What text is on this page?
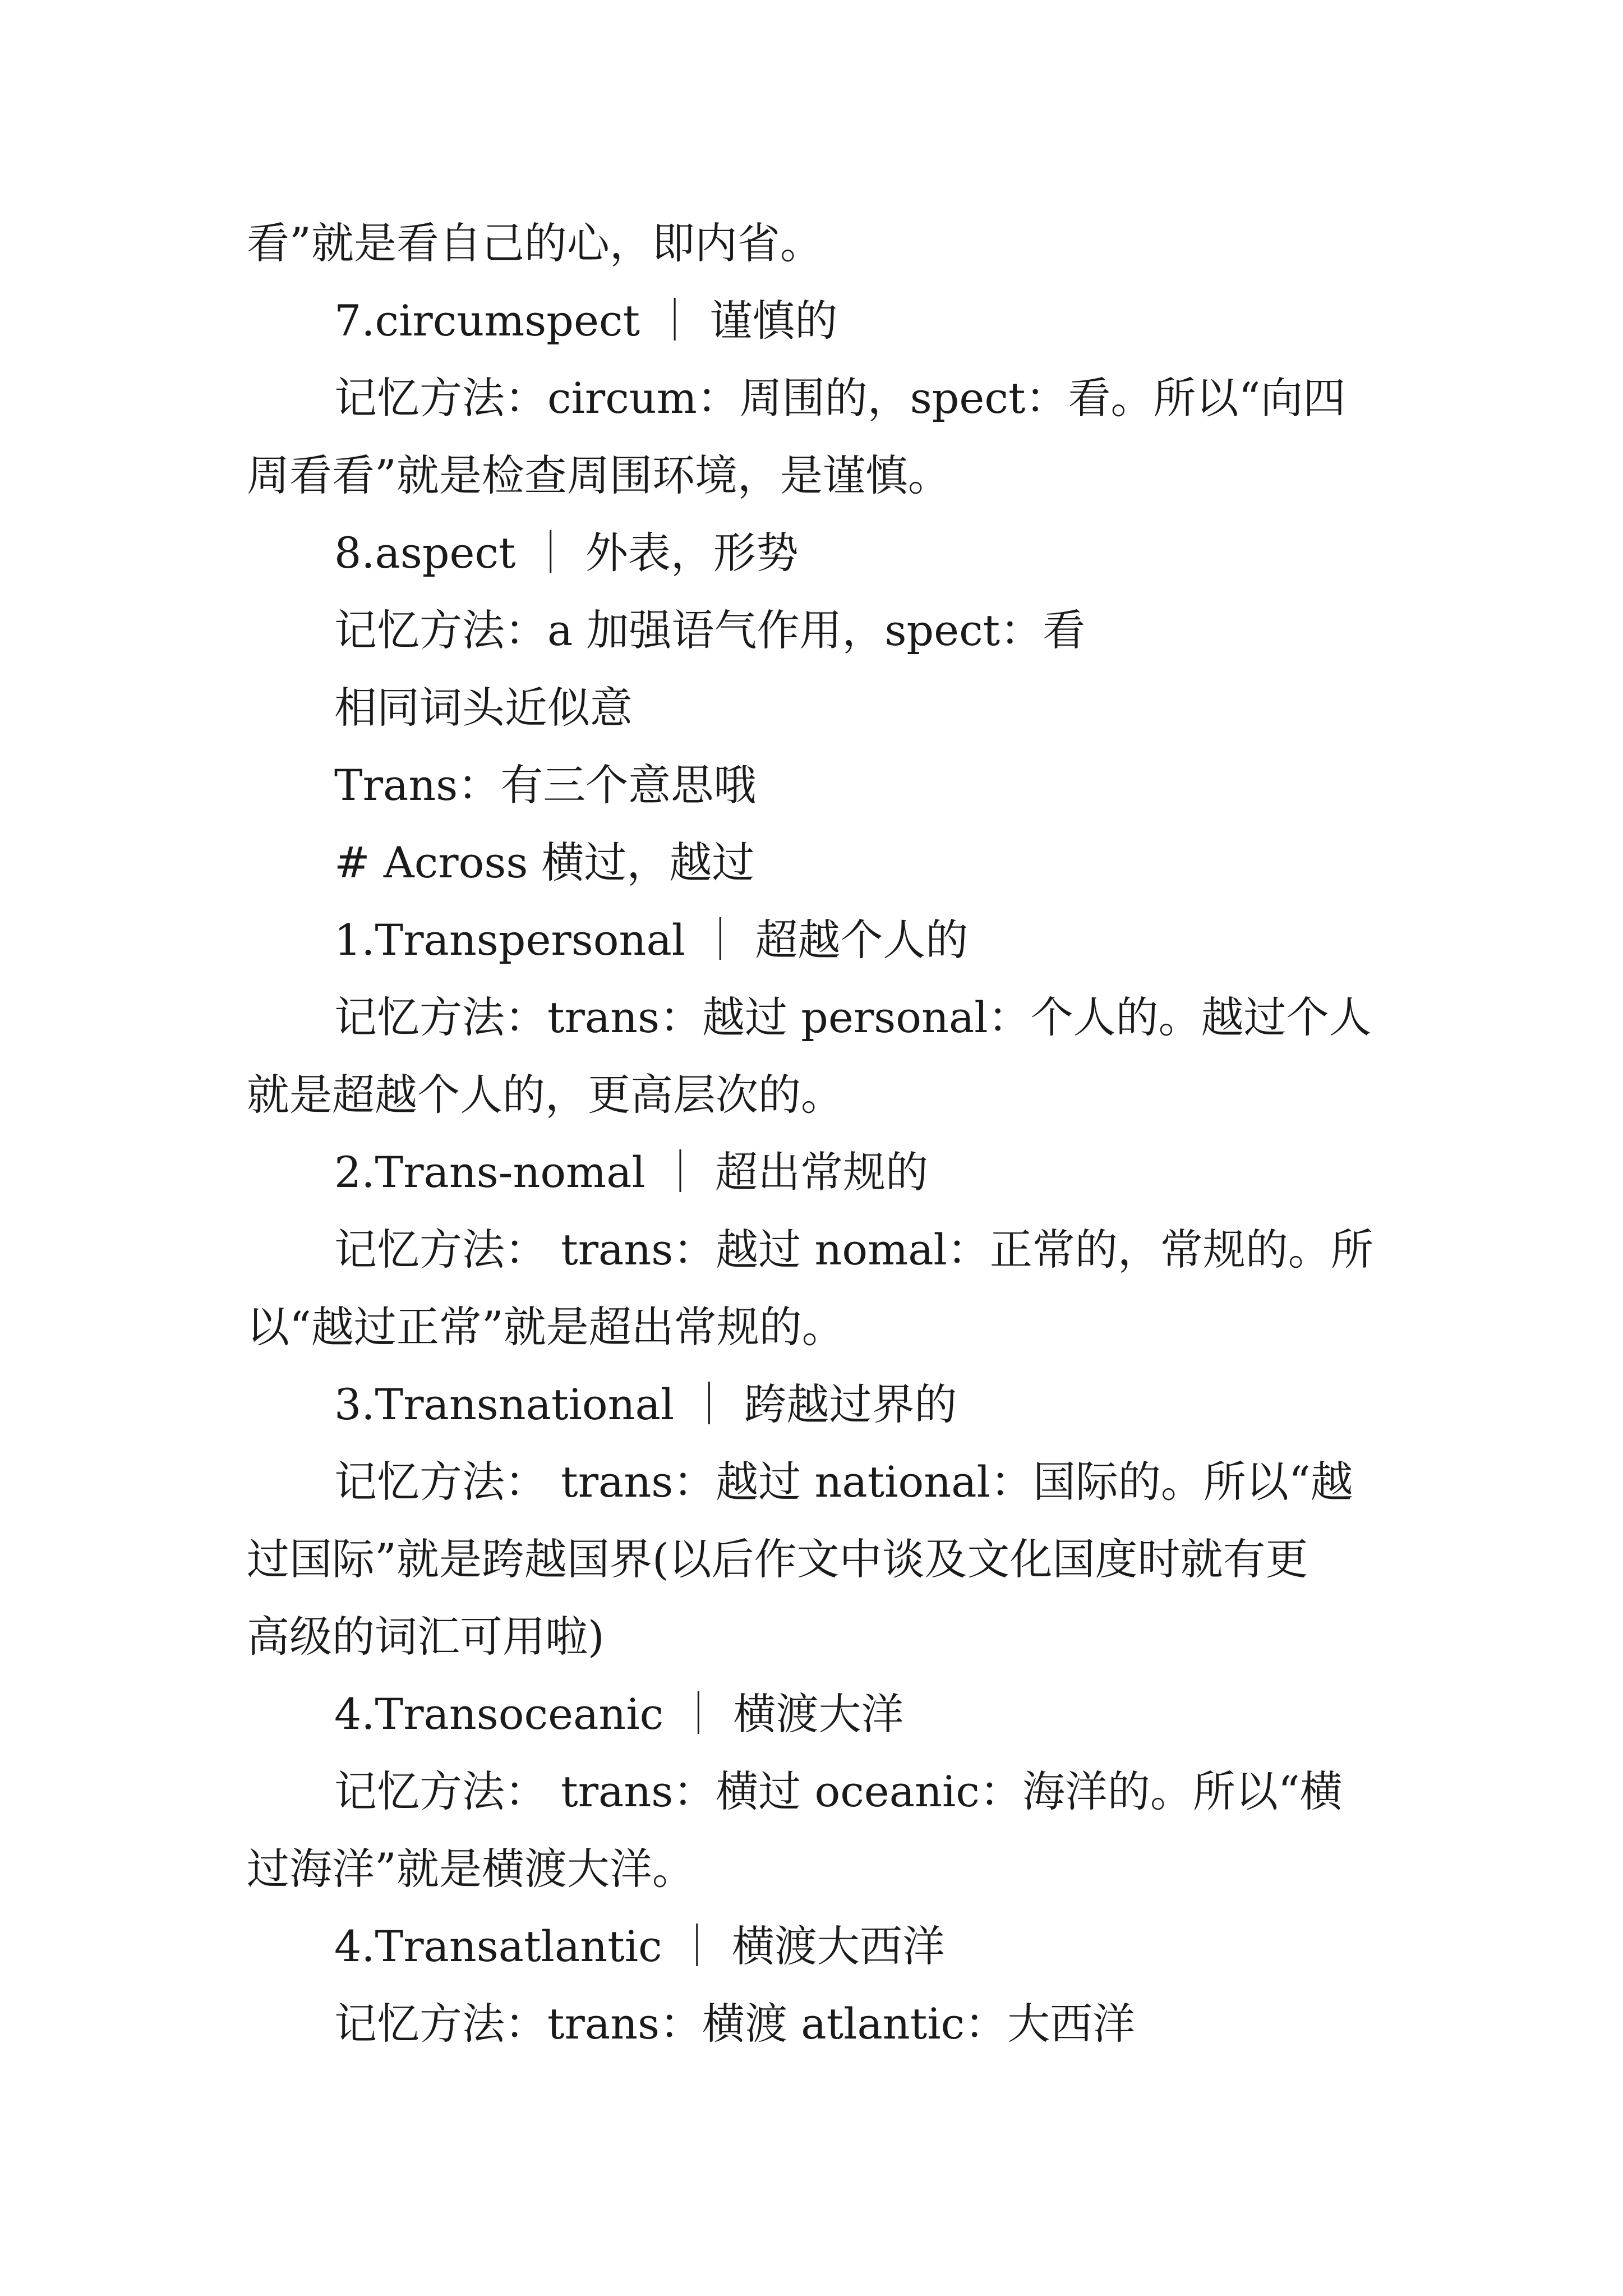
看”就是看自己的心，即内省。

7.circumspect ｜ 谨慎的

记忆方法：circum：周围的，spect：看。所以“向四

周看看”就是检查周围环境，是谨慎。

8.aspect ｜ 外表，形势

记忆方法：a 加强语气作用，spect：看

相同词头近似意

Trans：有三个意思哦

# Across 横过，越过

1.Transpersonal ｜ 超越个人的

记忆方法：trans：越过 personal：个人的。越过个人

就是超越个人的，更高层次的。

2.Trans-nomal ｜ 超出常规的

记忆方法： trans：越过 nomal：正常的，常规的。所

以“越过正常”就是超出常规的。

3.Transnational ｜ 跨越过界的

记忆方法： trans：越过 national：国际的。所以“越

过国际”就是跨越国界(以后作文中谈及文化国度时就有更

高级的词汇可用啦)

4.Transoceanic ｜ 横渡大洋

记忆方法： trans：横过 oceanic：海洋的。所以“横

过海洋”就是横渡大洋。

4.Transatlantic ｜ 横渡大西洋

记忆方法：trans：横渡 atlantic：大西洋
